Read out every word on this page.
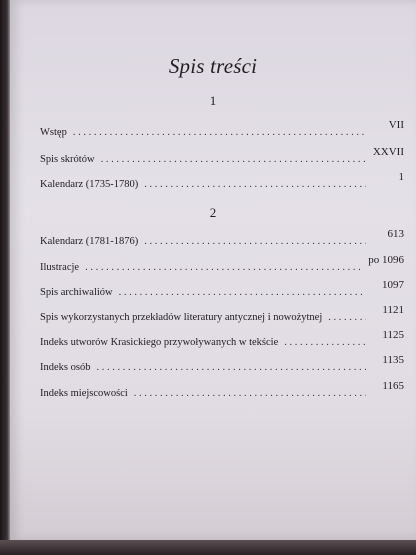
Spis treści
1
Wstęp
. . .
VII
Spis skrótów
. . .
XXVII
Kalendarz (1735-1780)
. . .
1
2
Kalendarz (1781-1876)
. . .
613
Ilustracje
. . .
po 1096
Spis archiwaliów
. . .
1097
Spis wykorzystanych przekładów literatury antycznej i nowożytnej
. . .
1121
Indeks utworów Krasickiego przywoływanych w tekście
. . .
1125
Indeks osób
. . .
1135
Indeks miejscowości
. . .
1165
